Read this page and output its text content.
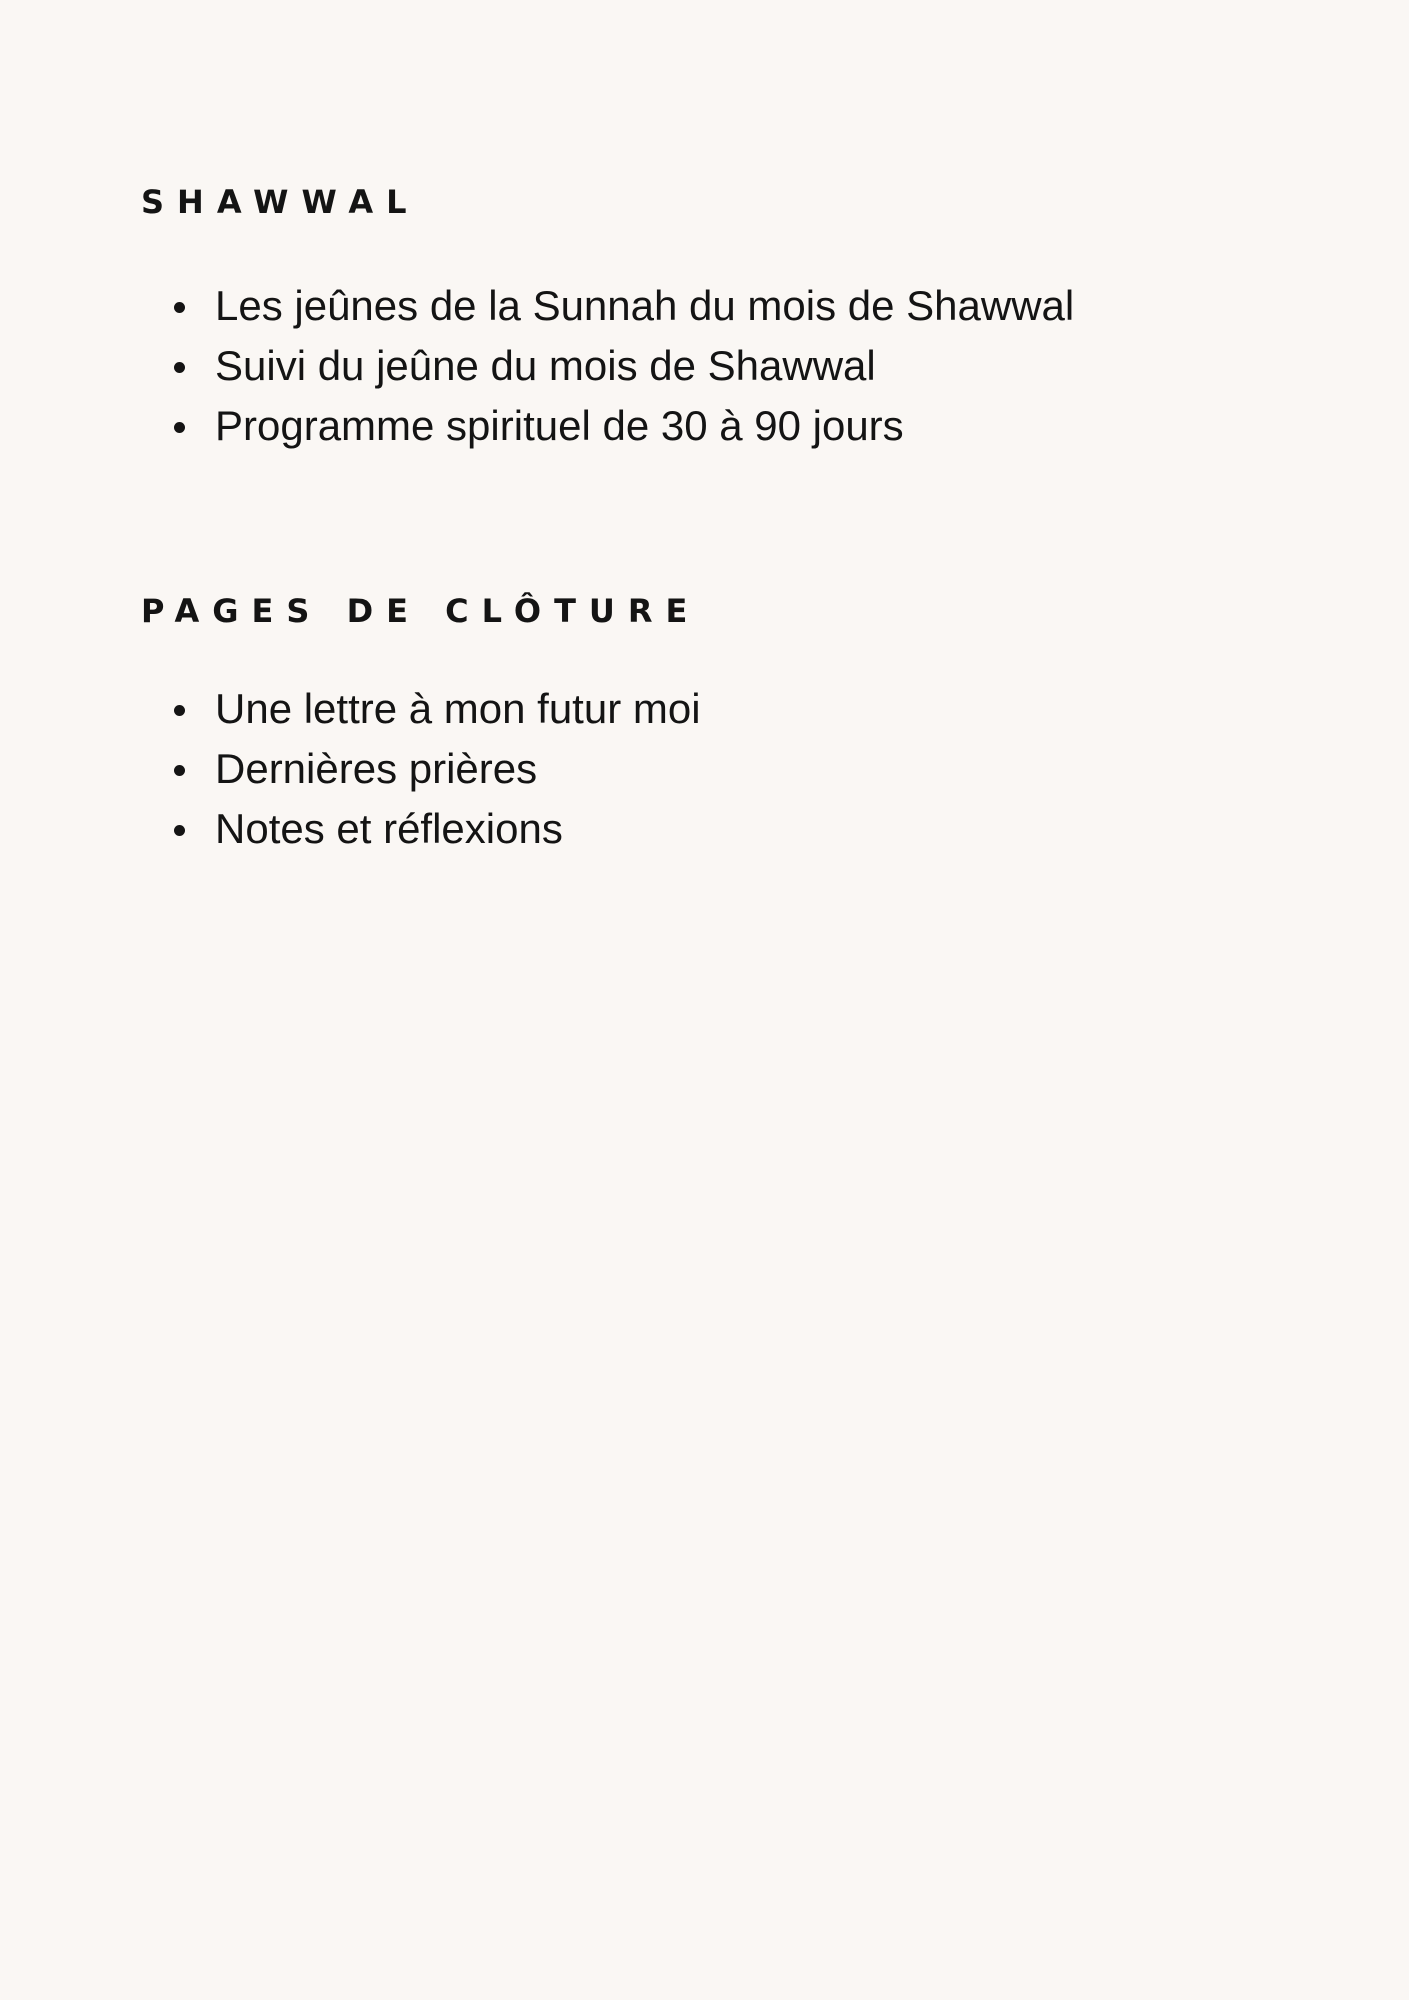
SHAWWAL
Les jeûnes de la Sunnah du mois de Shawwal
Suivi du jeûne du mois de Shawwal
Programme spirituel de 30 à 90 jours
PAGES DE CLÔTURE
Une lettre à mon futur moi
Dernières prières
Notes et réflexions
